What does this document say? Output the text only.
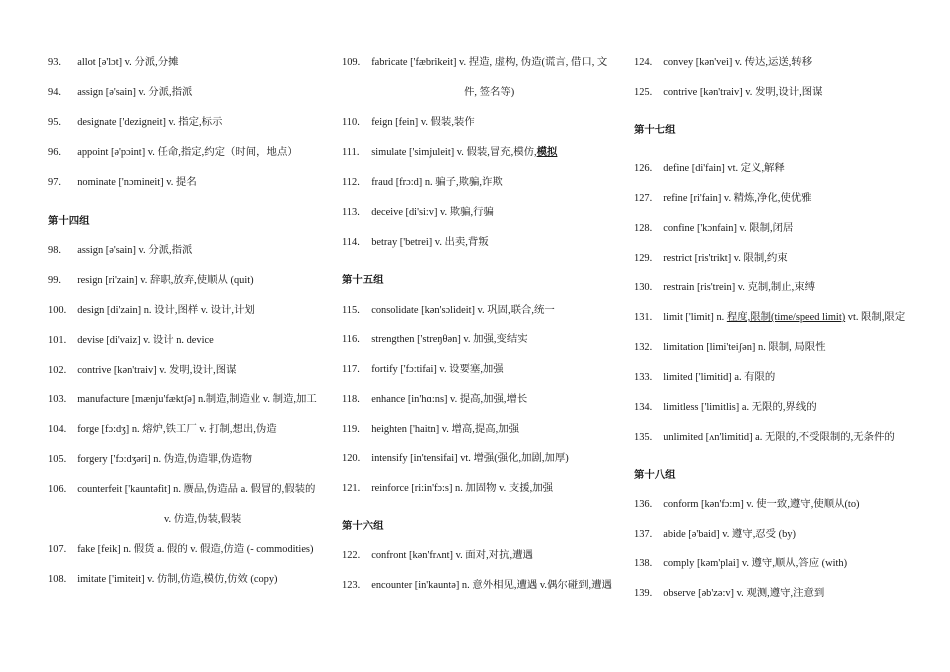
93. allot [ə'lɔt] v. 分派,分摊
94. assign [ə'sain] v. 分派,指派
95. designate ['dezigneit] v. 指定,标示
96. appoint [ə'pɔint] v. 任命,指定,约定（时间，地点）
97. nominate ['nɔmineit] v. 提名
第十四组
98. assign [ə'sain] v. 分派,指派
99. resign [ri'zain] v. 辞职,放弃,使顺从 (quit)
100. design [di'zain] n. 设计,图样 v. 设计,计划
101. devise [di'vaiz] v. 设计 n. device
102. contrive [kən'traiv] v. 发明,设计,图谋
103. manufacture [mænju'fæktʃə] n.制造,制造业 v. 制造,加工
104. forge [fɔ:dʒ] n. 熔炉,铁工厂 v. 打制,想出,伪造
105. forgery ['fɔ:dʒəri] n. 伪造,伪造罪,伪造物
106. counterfeit ['kauntəfit] n. 赝品,伪造品 a. 假冒的,假装的
v. 仿造,伪装,假装
107. fake [feik] n. 假货 a. 假的 v. 假造,仿造 (- commodities)
108. imitate ['imiteit] v. 仿制,仿造,模仿,仿效 (copy)
109. fabricate ['fæbrikeit] v. 捏造, 虚构, 伪造(谎言, 借口, 文
件, 签名等)
110. feign [fein] v. 假装,装作
111. simulate ['simjuleit] v. 假装,冒充,模仿,模拟
112. fraud [frɔ:d] n. 骗子,欺骗,诈欺
113. deceive [di'si:v] v. 欺骗,行骗
114. betray ['betrei] v. 出卖,背叛
第十五组
115. consolidate [kən'sɔlideit] v. 巩固,联合,统一
116. strengthen ['streŋθən] v. 加强,变结实
117. fortify ['fɔ:tifai] v. 设要塞,加强
118. enhance [in'hɑ:ns] v. 提高,加强,增长
119. heighten ['haitn] v. 增高,提高,加强
120. intensify [in'tensifai] vt. 增强(强化,加剧,加厚)
121. reinforce [ri:in'fɔ:s] n. 加固物 v. 支援,加强
第十六组
122. confront [kən'frʌnt] v. 面对,对抗,遭遇
123. encounter [in'kauntə] n. 意外相见,遭遇 v.偶尔碰到,遭遇
124. convey [kən'vei] v. 传达,运送,转移
125. contrive [kən'traiv] v. 发明,设计,图谋
第十七组
126. define [di'fain] vt. 定义,解释
127. refine [ri'fain] v. 精炼,净化,使优雅
128. confine ['kɔnfain] v. 限制,闭居
129. restrict [ris'trikt] v. 限制,约束
130. restrain [ris'trein] v. 克制,制止,束缚
131. limit ['limit] n. 程度,限制(time/speed limit) vt. 限制,限定
132. limitation [limi'teiʃən] n. 限制, 局限性
133. limited ['limitid] a. 有限的
134. limitless ['limitlis] a. 无限的,界线的
135. unlimited [ʌn'limitid] a. 无限的,不受限制的,无条件的
第十八组
136. conform [kən'fɔ:m] v. 使一致,遵守,使顺从(to)
137. abide [ə'baid] v. 遵守,忍受 (by)
138. comply [kəm'plai] v. 遵守,顺从,答应 (with)
139. observe [əb'zə:v] v. 观测,遵守,注意到
